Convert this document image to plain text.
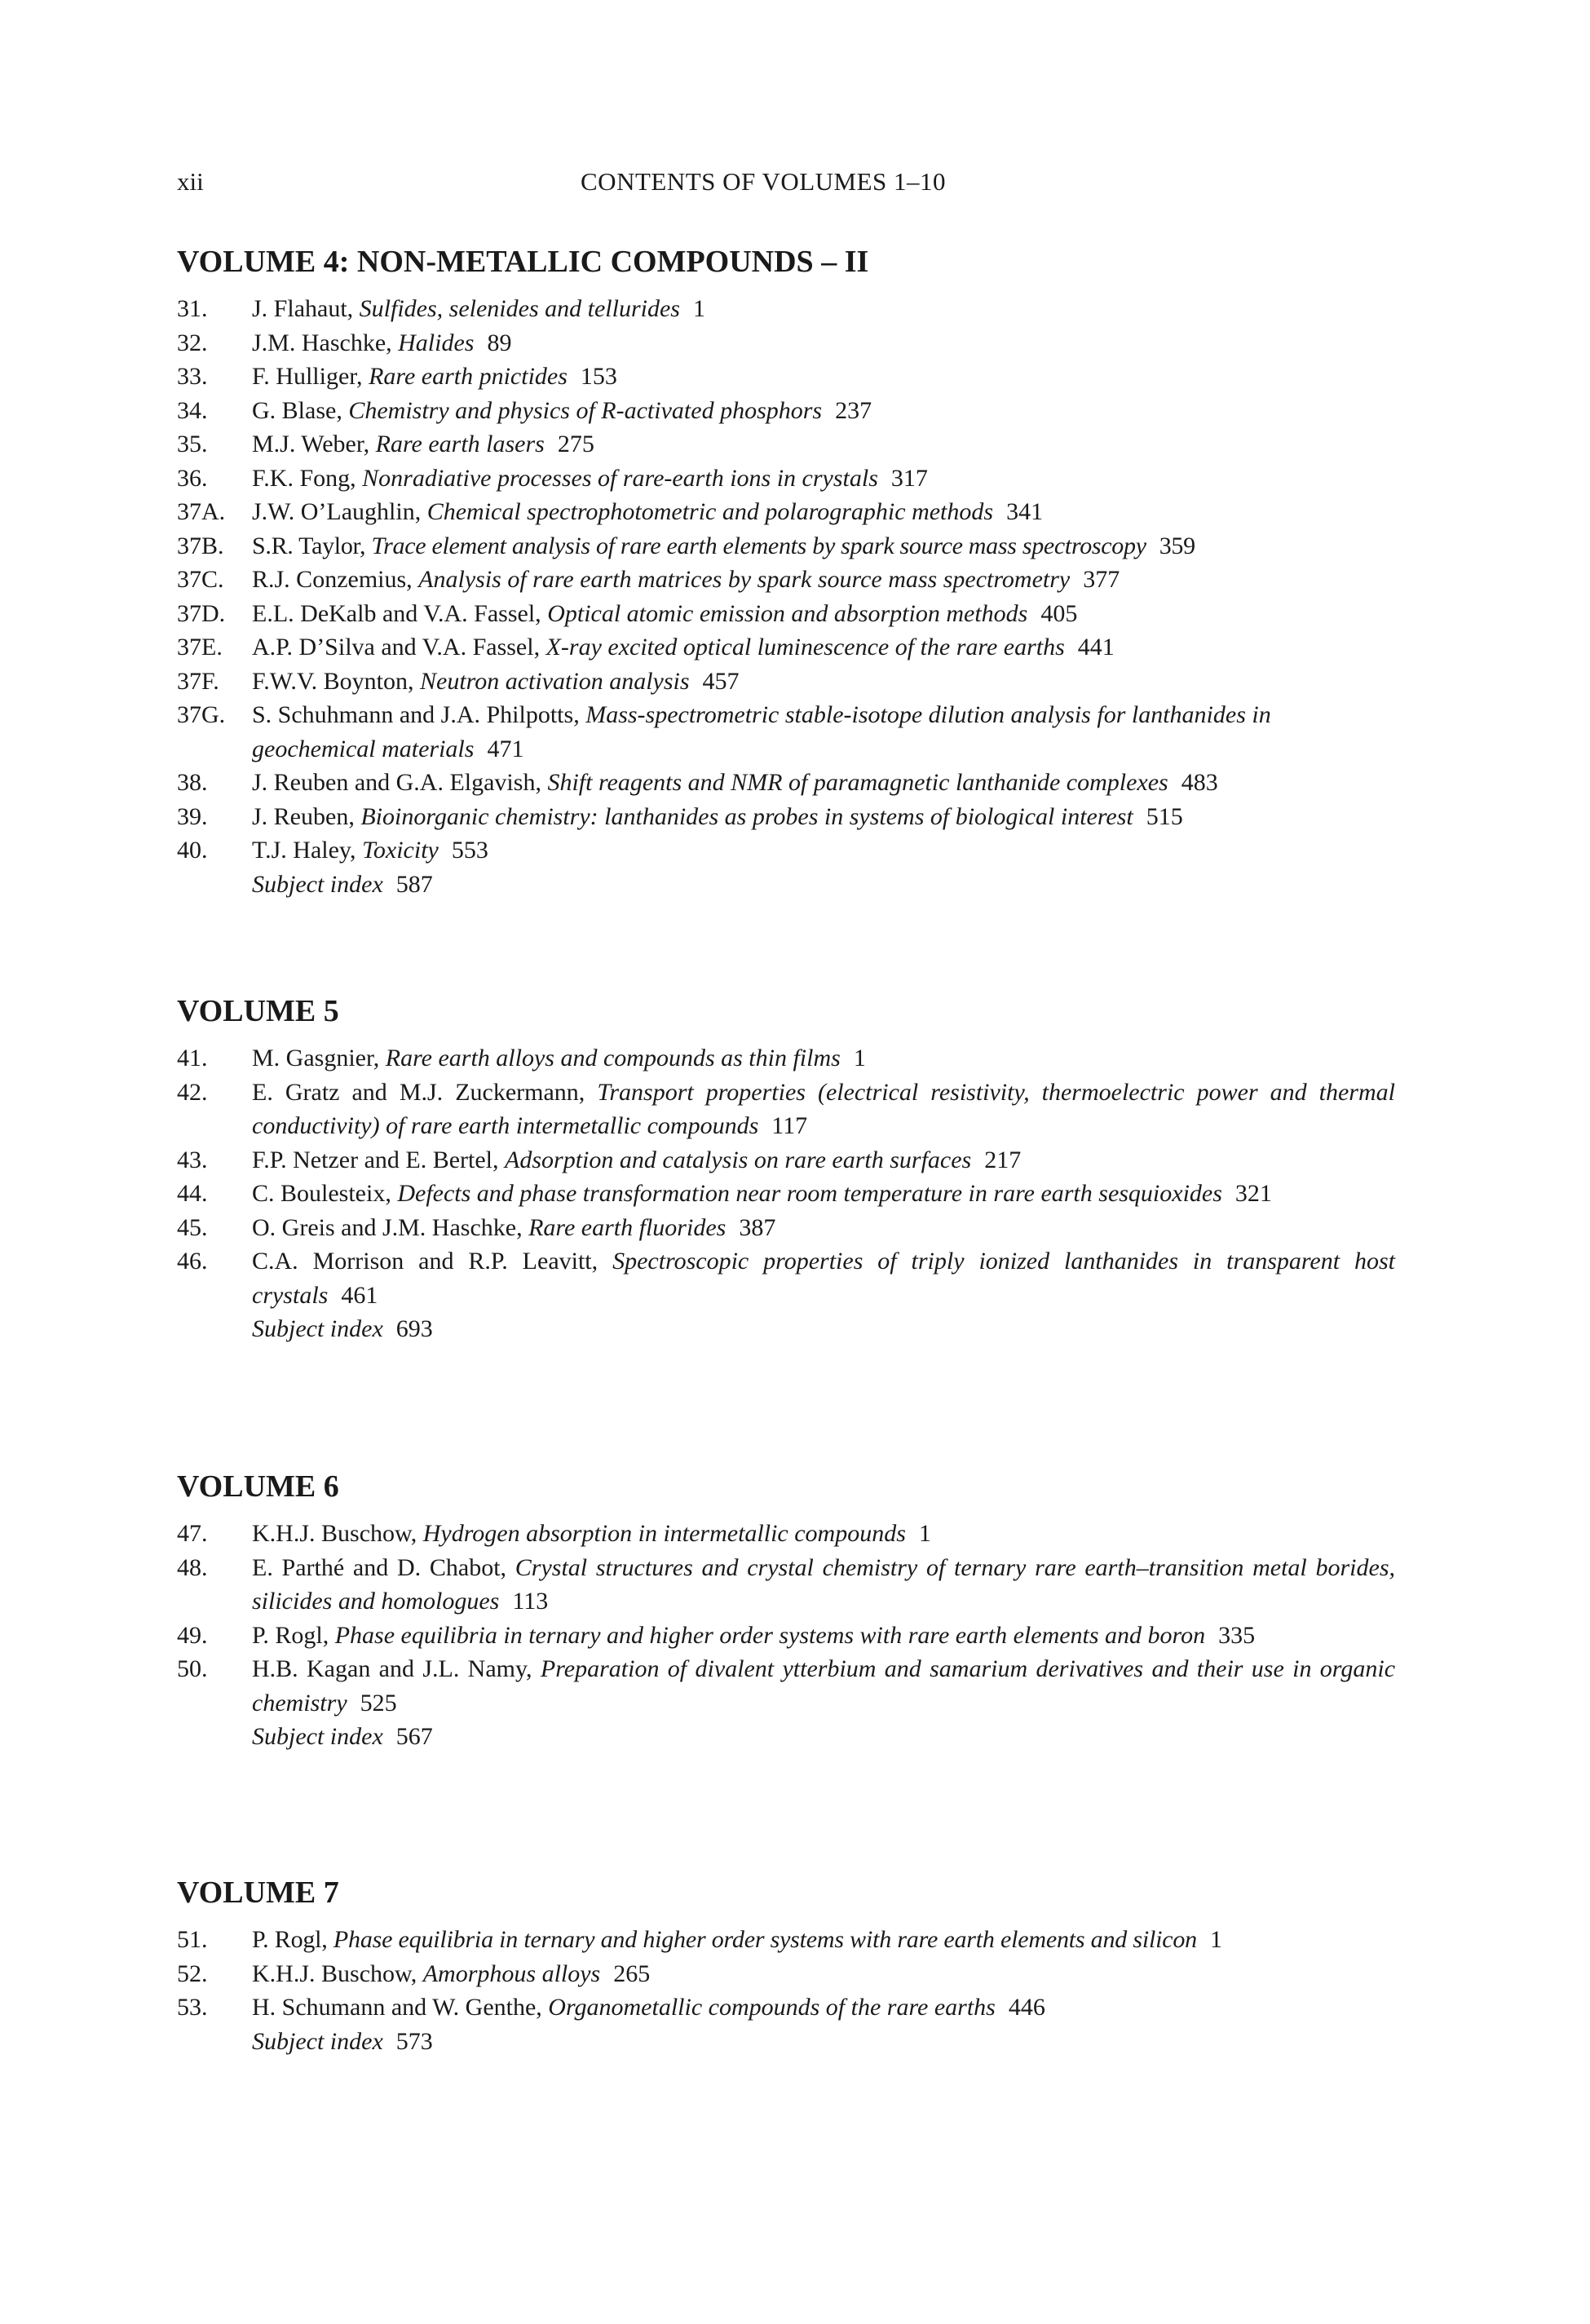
xii	CONTENTS OF VOLUMES 1–10
VOLUME 4: NON-METALLIC COMPOUNDS – II
31. J. Flahaut, Sulfides, selenides and tellurides 1
32. J.M. Haschke, Halides 89
33. F. Hulliger, Rare earth pnictides 153
34. G. Blase, Chemistry and physics of R-activated phosphors 237
35. M.J. Weber, Rare earth lasers 275
36. F.K. Fong, Nonradiative processes of rare-earth ions in crystals 317
37A. J.W. O’Laughlin, Chemical spectrophotometric and polarographic methods 341
37B. S.R. Taylor, Trace element analysis of rare earth elements by spark source mass spectroscopy 359
37C. R.J. Conzemius, Analysis of rare earth matrices by spark source mass spectrometry 377
37D. E.L. DeKalb and V.A. Fassel, Optical atomic emission and absorption methods 405
37E. A.P. D’Silva and V.A. Fassel, X-ray excited optical luminescence of the rare earths 441
37F. F.W.V. Boynton, Neutron activation analysis 457
37G. S. Schuhmann and J.A. Philpotts, Mass-spectrometric stable-isotope dilution analysis for lanthanides in geochemical materials 471
38. J. Reuben and G.A. Elgavish, Shift reagents and NMR of paramagnetic lanthanide complexes 483
39. J. Reuben, Bioinorganic chemistry: lanthanides as probes in systems of biological interest 515
40. T.J. Haley, Toxicity 553
Subject index 587
VOLUME 5
41. M. Gasgnier, Rare earth alloys and compounds as thin films 1
42. E. Gratz and M.J. Zuckermann, Transport properties (electrical resistivity, thermoelectric power and thermal conductivity) of rare earth intermetallic compounds 117
43. F.P. Netzer and E. Bertel, Adsorption and catalysis on rare earth surfaces 217
44. C. Boulesteix, Defects and phase transformation near room temperature in rare earth sesquioxides 321
45. O. Greis and J.M. Haschke, Rare earth fluorides 387
46. C.A. Morrison and R.P. Leavitt, Spectroscopic properties of triply ionized lanthanides in transparent host crystals 461
Subject index 693
VOLUME 6
47. K.H.J. Buschow, Hydrogen absorption in intermetallic compounds 1
48. E. Parthé and D. Chabot, Crystal structures and crystal chemistry of ternary rare earth–transition metal borides, silicides and homologues 113
49. P. Rogl, Phase equilibria in ternary and higher order systems with rare earth elements and boron 335
50. H.B. Kagan and J.L. Namy, Preparation of divalent ytterbium and samarium derivatives and their use in organic chemistry 525
Subject index 567
VOLUME 7
51. P. Rogl, Phase equilibria in ternary and higher order systems with rare earth elements and silicon 1
52. K.H.J. Buschow, Amorphous alloys 265
53. H. Schumann and W. Genthe, Organometallic compounds of the rare earths 446
Subject index 573
